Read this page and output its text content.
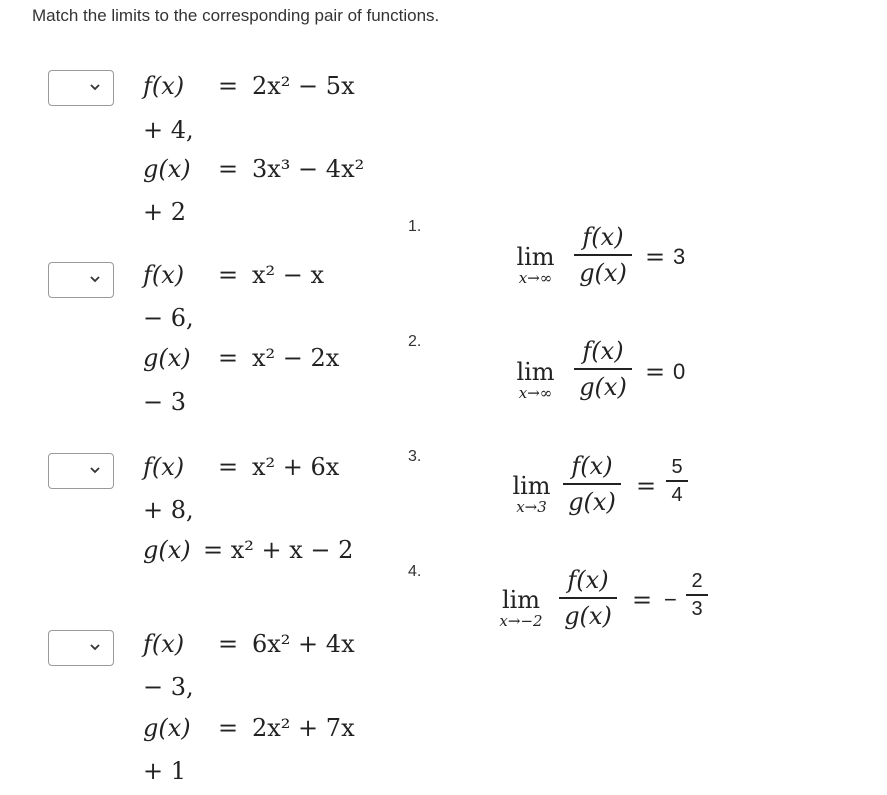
Match the limits to the corresponding pair of functions.
f(x) = 2x² − 5x
+ 4,
g(x) = 3x³ − 4x²
+ 2
f(x) = x² − x
− 6,
g(x) = x² − 2x
− 3
f(x) = x² + 6x
+ 8,
g(x) = x² + x − 2
f(x) = 6x² + 4x
− 3,
g(x) = 2x² + 7x
+ 1
1.
lim
x→∞
f(x)
g(x)
= 3
2.
lim
x→∞
f(x)
g(x)
= 0
3.
lim
x→3
f(x)
g(x)
=
5
4
4.
lim
x→−2
f(x)
g(x)
= −
2
3
